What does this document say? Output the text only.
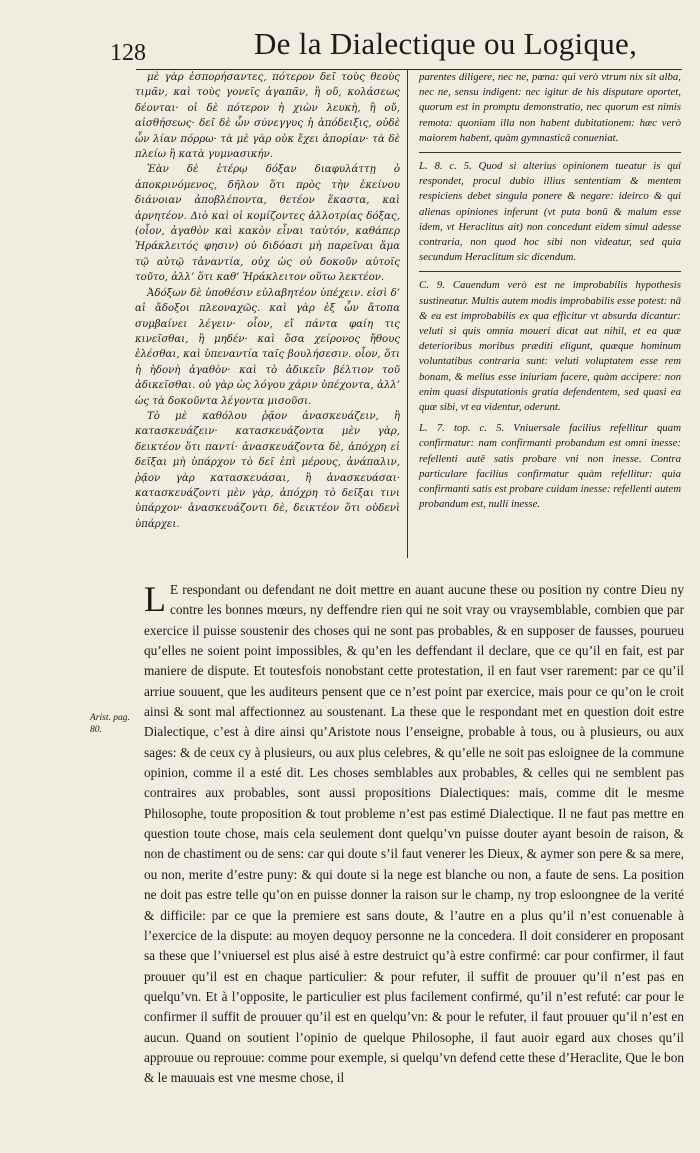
128	De la Dialectique ou Logique,

μὲ γὰρ ἐσπορήσαντες, πότερον δεῖ τοὺς θεοὺς τιμᾶν, καὶ τοὺς γονεῖς ἀγαπᾶν, ἢ οὔ, κολάσεως δέονται· οἱ δὲ πότερον ἡ χιὼν λευκὴ, ἢ οὔ, αἰσθήσεως· δεῖ δὲ ὧν σύνεγγυς ἡ ἀπόδειξις, οὐδὲ ὧν λίαν πόρρω· τὰ μὲ γὰρ οὐκ ἔχει ἀπορίαν· τὰ δὲ πλείω ἢ κατὰ γυμνασικήν.

Ἐὰν δὲ ἐτέρῳ δόξαν διαφυλάττῃ ὁ ἀποκρινόμενος, δῆλον ὅτι πρὸς τὴν ἐκείνου διάνοιαν ἀποβλέποντα, θετέον ἕκαστα, καὶ ἀρνητέον. Διὸ καὶ οἱ κομίζοντες ἀλλοτρίας δόξας, (οἷον, ἀγαθὸν καὶ κακὸν εἶναι ταὐτόν, καθάπερ Ἡράκλειτός φησιν) οὐ διδόασι μὴ παρεῖναι ἅμα τῷ αὐτῷ τἀναντία, οὐχ ὡς οὐ δοκοῦν αὐτοῖς τοῦτο, ἀλλ’ ὅτι καθ’ Ἡράκλειτον οὕτω λεκτέον.

Ἀδόξων δὲ ὑποθέσιν εὐλαβητέον ὑπέχειν. εἰσὶ δ’ αἱ ἄδοξοι πλεοναχῶς. καὶ γὰρ ἐξ ὧν ἄτοπα συμβαίνει λέγειν· οἷον, εἴ πάντα φαίη τις κινεῖσθαι, ἢ μηδέν· καὶ ὅσα χείρονος ἤθους ἑλέσθαι, καὶ ὑπεναντία ταῖς βουλήσεσιν. οἷον, ὅτι ἡ ἡδονὴ ἀγαθὸν· καὶ τὸ ἀδικεῖν βέλτιον τοῦ ἀδικεῖσθαι. οὐ γὰρ ὡς λόγου χάριν ὑπέχοντα, ἀλλ’ ὡς τὰ δοκοῦντα λέγοντα μισοῦσι.

Τὸ μὲ καθόλου ῥᾷον ἀνασκευάζειν, ἢ κατασκευάζειν· κατασκευάζοντα μὲν γὰρ, δεικτέον ὅτι παντί· ἀνασκευάζοντα δὲ, ἀπόχρη εἰ δεῖξαι μὴ ὑπάρχον τὸ δεῖ ἐπὶ μέρους, ἀνάπαλιν, ῥᾷον γὰρ κατασκευάσαι, ἢ ἀνασκευάσαι· κατασκευάζοντι μὲν γὰρ, ἀπόχρη τὸ δεῖξαι τινι ὑπάρχον· ἀνασκευάζοντι δὲ, δεικτέον ὅτι οὐδενὶ ὑπάρχει.

parentes diligere, nec ne, pœna: qui verò vtrum nix sit alba, nec ne, sensu indigent: nec igitur de his disputare oportet, quorum est in promptu demonstratio, nec quorum est nimis remota: quoniam illa non habent dubitationem: hæc verò maiorem habent, quàm gymnasticâ conueniat.

L. 8. c. 5. Quod si alterius opinionem tueatur is qui respondet, procul dubio illius sententiam & mentem respiciens debet singula ponere & negare: ideirco & qui alienas opiniones inferunt (vt puta bonū & malum esse idem, vt Heraclitus ait) non concedunt eidem simul adesse contraria, non quod hoc sibi non videatur, sed quia secundum Heraclitum sic dicendum.

C. 9. Cauendum verò est ne improbabilis hypothesis sustineatur. Multis autem modis improbabilis esse potest: nā & ea est improbabilis ex qua efficitur vt absurda dicantur: veluti si quis omnia moueri dicat aut nihil, et ea quæ deterioribus moribus præditi eligunt, quæque hominum voluntatibus contraria sunt: veluti voluptatem esse rem bonam, & melius esse iniuriam facere, quàm accipere: non enim quasi disputationis gratia defendentem, sed quasi ea quæ sibi, vt ea videntur, oderunt.

L. 7. top. c. 5. Vniuersale facilius refellitur quam confirmatur: nam confirmanti probandum est omni inesse: refellenti autē satis probare vni non inesse. Contra particulare facilius confirmatur quàm refellitur: quia confirmanti satis est probare cuidam inesse: refellenti autem probandum est, nulli inesse.

Arist. pag. 80.

L E respondant ou defendant ne doit mettre en auant aucune these ou position ny contre Dieu ny contre les bonnes mœurs, ny deffendre rien qui ne soit vray ou vraysemblable, combien que par exercice il puisse soustenir des choses qui ne sont pas probables, & en supposer de fausses, pourueu qu’elles ne soient point impossibles, & qu’en les deffendant il declare, que ce qu’il en fait, est par maniere de dispute. Et toutesfois nonobstant cette protestation, il en faut vser rarement: par ce qu’il arriue souuent, que les auditeurs pensent que ce n’est point par exercice, mais pour ce qu’on le croit ainsi & sont mal affectionnez au soustenant. La these que le respondant met en question doit estre Dialectique, c’est à dire ainsi qu’Aristote nous l’enseigne, probable à tous, ou à plusieurs, ou aux sages: & de ceux cy à plusieurs, ou aux plus celebres, & qu’elle ne soit pas esloignee de la commune opinion, comme il a esté dit. Les choses semblables aux probables, & celles qui ne semblent pas contraires aux probables, sont aussi propositions Dialectiques: mais, comme dit le mesme Philosophe, toute proposition & tout probleme n’est pas estimé Dialectique. Il ne faut pas mettre en question toute chose, mais cela seulement dont quelqu’vn puisse douter ayant besoin de raison, & non de chastiment ou de sens: car qui doute s’il faut venerer les Dieux, & aymer son pere & sa mere, ou non, merite d’estre puny: & qui doute si la nege est blanche ou non, a faute de sens. La position ne doit pas estre telle qu’on en puisse donner la raison sur le champ, ny trop esloongnee de la verité & difficile: par ce que la premiere est sans doute, & l’autre en a plus qu’il n’est conuenable à l’exercice de la dispute: au moyen dequoy personne ne la concedera. Il doit considerer en proposant sa these que l’vniuersel est plus aisé à estre destruict qu’à estre confirmé: car pour confirmer, il faut prouuer qu’il est en chaque particulier: & pour refuter, il suffit de prouuer qu’il n’est pas en quelqu’vn. Et à l’opposite, le particulier est plus facilement confirmé, qu’il n’est refuté: car pour le confirmer il suffit de prouuer qu’il est en quelqu’vn: & pour le refuter, il faut prouuer qu’il n’est en aucun. Quand on soutient l’opinio de quelque Philosophe, il faut auoir egard aux choses qu’il approuue ou reprouue: comme pour exemple, si quelqu’vn defend cette these d’Heraclite, Que le bon & le mauuais est vne mesme chose, il
